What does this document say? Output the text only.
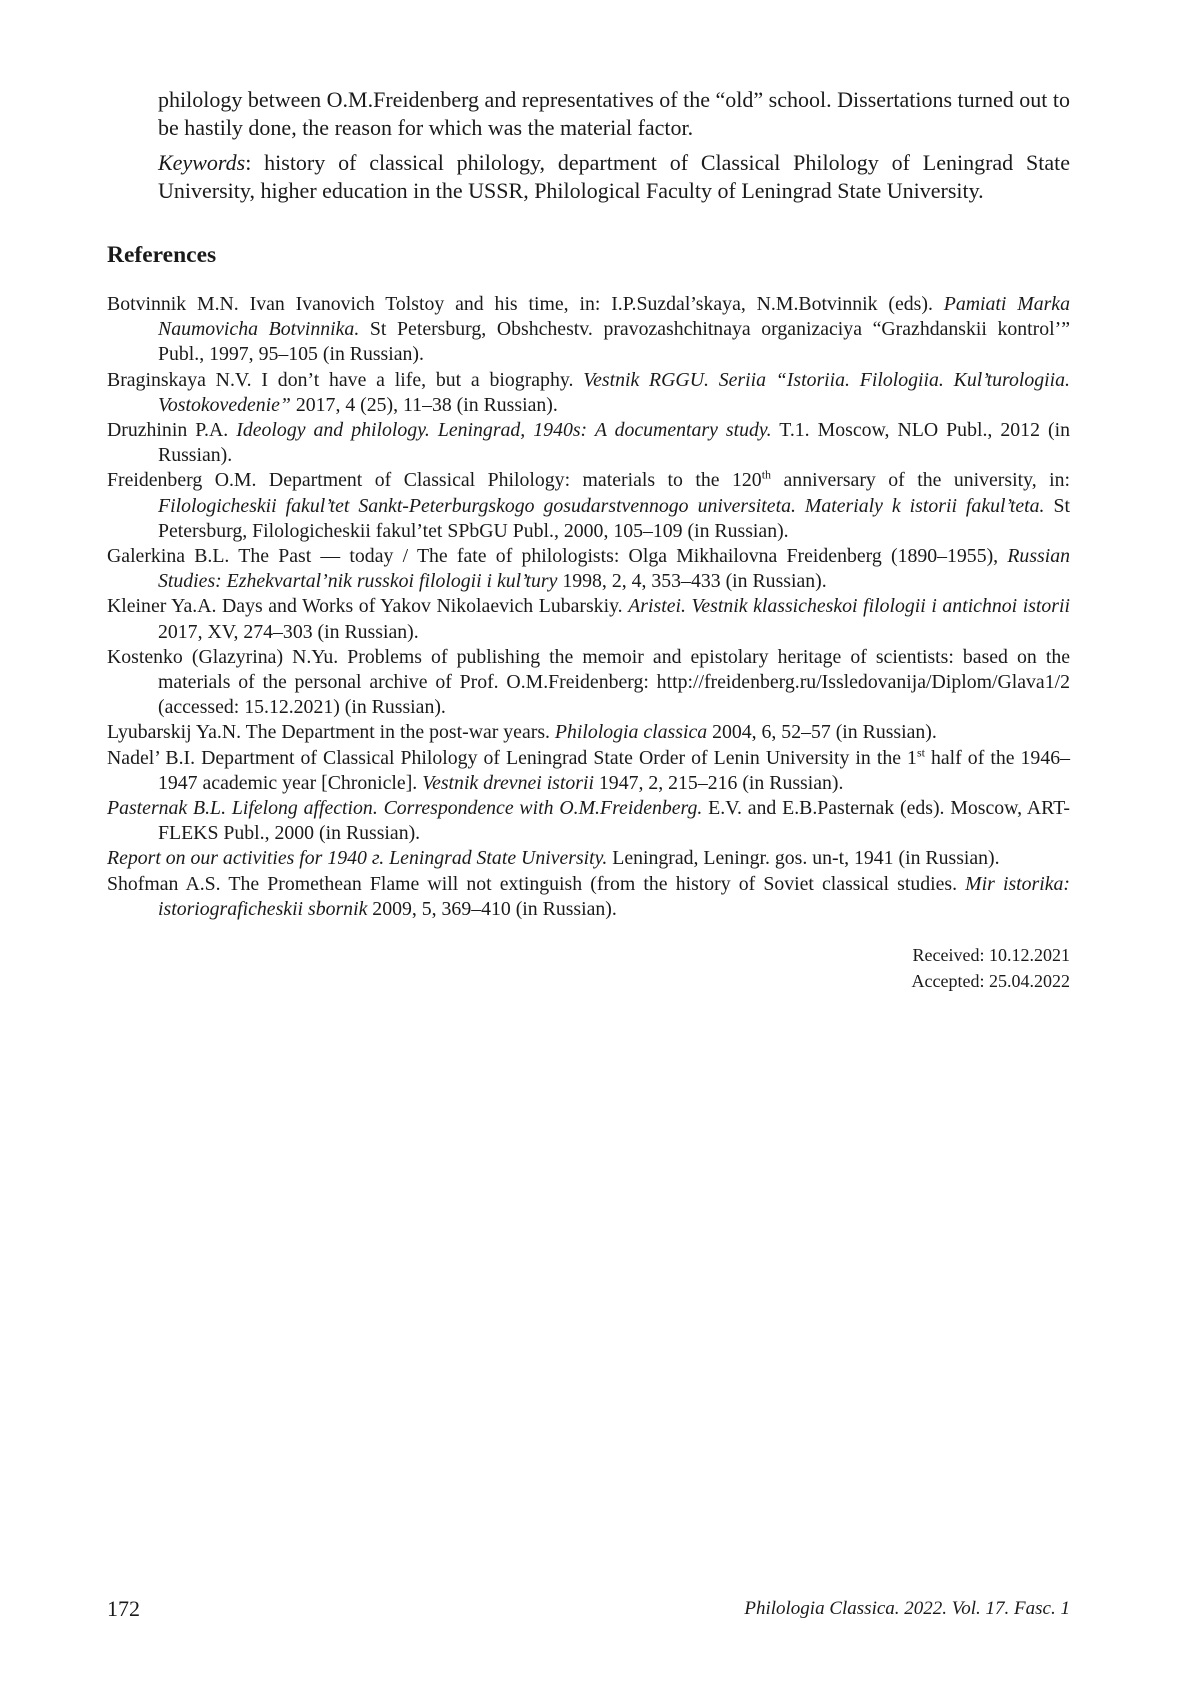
philology between O.M.Freidenberg and representatives of the “old” school. Dissertations turned out to be hastily done, the reason for which was the material factor.

Keywords: history of classical philology, department of Classical Philology of Leningrad State University, higher education in the USSR, Philological Faculty of Leningrad State University.

References
Botvinnik M.N. Ivan Ivanovich Tolstoy and his time, in: I.P.Suzdal’skaya, N.M.Botvinnik (eds). Pamiati Marka Naumovicha Botvinnika. St Petersburg, Obshchestv. pravozashchitnaya organizaciya “Grazhdanskii kontrol’” Publ., 1997, 95–105 (in Russian).
Braginskaya N.V. I don’t have a life, but a biography. Vestnik RGGU. Seriia “Istoriia. Filologiia. Kul’turologiia. Vostokovedenie” 2017, 4 (25), 11–38 (in Russian).
Druzhinin P.A. Ideology and philology. Leningrad, 1940s: A documentary study. T.1. Moscow, NLO Publ., 2012 (in Russian).
Freidenberg O.M. Department of Classical Philology: materials to the 120th anniversary of the university, in: Filologicheskii fakul’tet Sankt-Peterburgskogo gosudarstvennogo universiteta. Materialy k istorii fakul’teta. St Petersburg, Filologicheskii fakul’tet SPbGU Publ., 2000, 105–109 (in Russian).
Galerkina B.L. The Past — today / The fate of philologists: Olga Mikhailovna Freidenberg (1890–1955), Russian Studies: Ezhekvartal’nik russkoi filologii i kul’tury 1998, 2, 4, 353–433 (in Russian).
Kleiner Ya.A. Days and Works of Yakov Nikolaevich Lubarskiy. Aristei. Vestnik klassicheskoi filologii i antichnoi istorii 2017, XV, 274–303 (in Russian).
Kostenko (Glazyrina) N.Yu. Problems of publishing the memoir and epistolary heritage of scientists: based on the materials of the personal archive of Prof. O.M.Freidenberg: http://freidenberg.ru/Issledovanija/Diplom/Glava1/2 (accessed: 15.12.2021) (in Russian).
Lyubarskij Ya.N. The Department in the post-war years. Philologia classica 2004, 6, 52–57 (in Russian).
Nadel’ B.I. Department of Classical Philology of Leningrad State Order of Lenin University in the 1st half of the 1946–1947 academic year [Chronicle]. Vestnik drevnei istorii 1947, 2, 215–216 (in Russian).
Pasternak B.L. Lifelong affection. Correspondence with O.M.Freidenberg. E.V. and E.B.Pasternak (eds). Moscow, ART-FLEKS Publ., 2000 (in Russian).
Report on our activities for 1940 г. Leningrad State University. Leningrad, Leningr. gos. un-t, 1941 (in Russian).
Shofman A.S. The Promethean Flame will not extinguish (from the history of Soviet classical studies. Mir istorika: istoriograficheskii sbornik 2009, 5, 369–410 (in Russian).
Received: 10.12.2021
Accepted: 25.04.2022
172	Philologia Classica. 2022. Vol. 17. Fasc. 1
